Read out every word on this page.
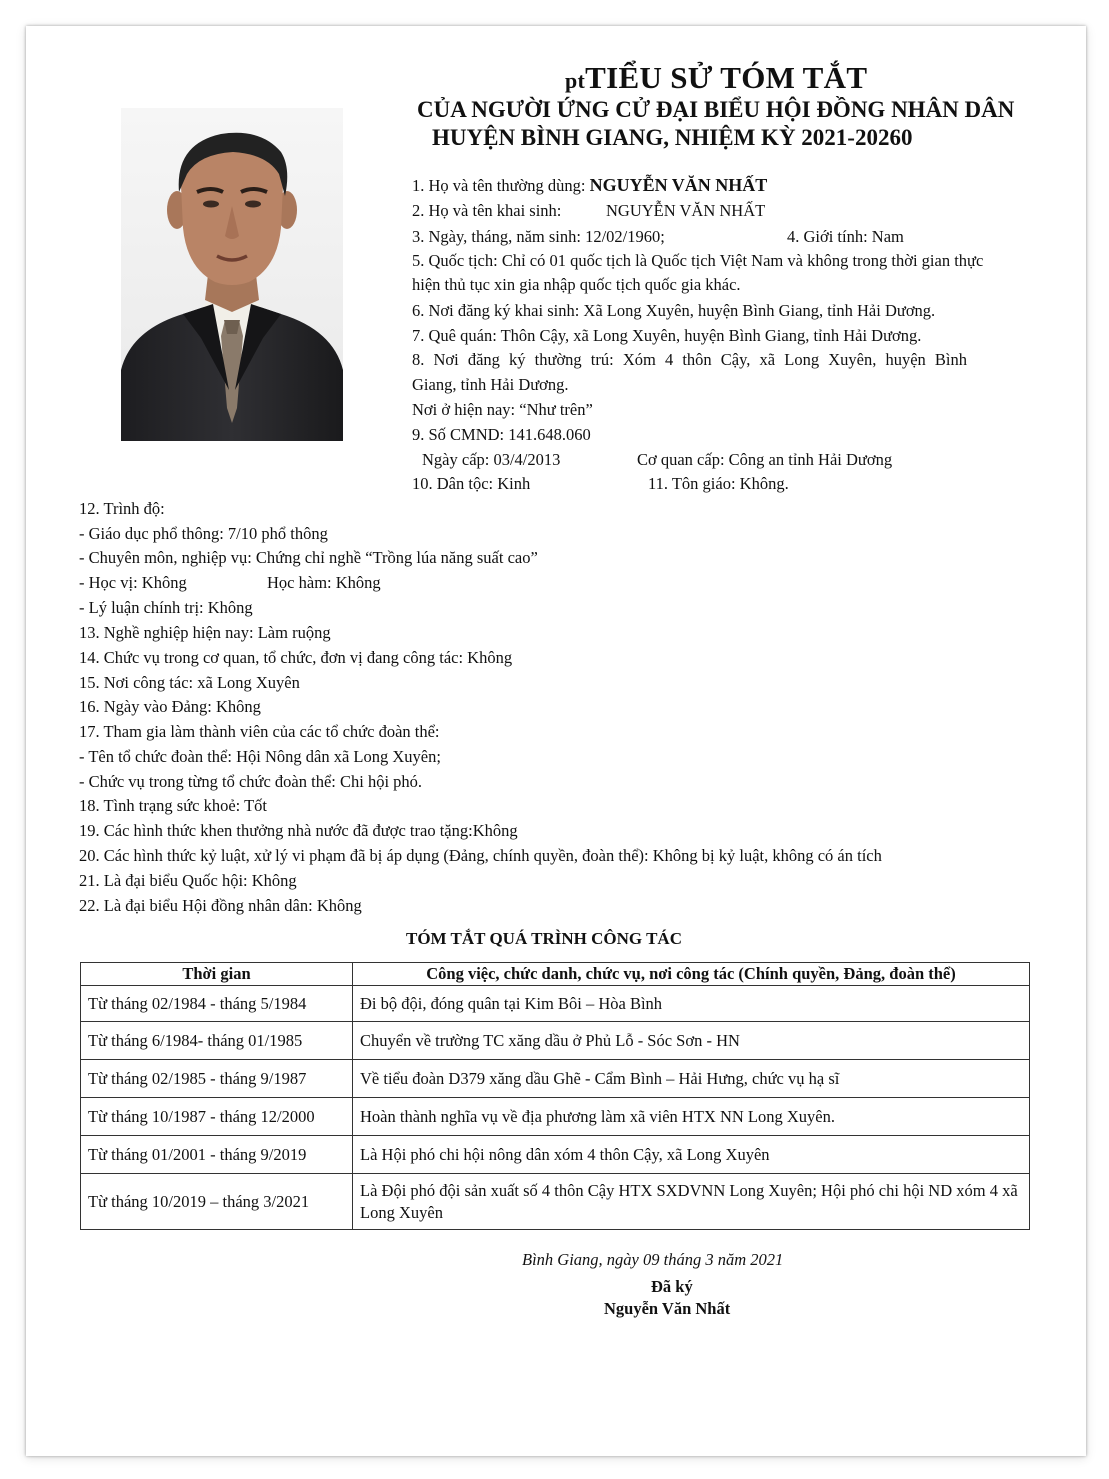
ptTIỂU SỬ TÓM TẮT
CỦA NGƯỜI ỨNG CỬ ĐẠI BIỂU HỘI ĐỒNG NHÂN DÂN
HUYỆN BÌNH GIANG, NHIỆM KỲ 2021-20260
1. Họ và tên thường dùng: NGUYỄN VĂN NHẤT
2. Họ và tên khai sinh:	NGUYỄN VĂN NHẤT
3. Ngày, tháng, năm sinh: 12/02/1960;	4. Giới tính: Nam
5. Quốc tịch: Chỉ có 01 quốc tịch là Quốc tịch Việt Nam và không trong thời gian thực
hiện thủ tục xin gia nhập quốc tịch quốc gia khác.
6. Nơi đăng ký khai sinh: Xã Long Xuyên, huyện Bình Giang, tỉnh Hải Dương.
7. Quê quán: Thôn Cậy, xã Long Xuyên, huyện Bình Giang, tỉnh Hải Dương.
8. Nơi đăng ký thường trú: Xóm 4 thôn Cậy, xã Long Xuyên, huyện Bình
Giang, tỉnh Hải Dương.
Nơi ở hiện nay: “Như trên”
9. Số CMND: 141.648.060
Ngày cấp: 03/4/2013	Cơ quan cấp: Công an tỉnh Hải Dương
10. Dân tộc: Kinh	11. Tôn giáo: Không.
12. Trình độ:
- Giáo dục phổ thông: 7/10 phổ thông
- Chuyên môn, nghiệp vụ: Chứng chỉ nghề “Trồng lúa năng suất cao”
- Học vị: Không	Học hàm: Không
- Lý luận chính trị: Không
13. Nghề nghiệp hiện nay: Làm ruộng
14. Chức vụ trong cơ quan, tổ chức, đơn vị đang công tác: Không
15. Nơi công tác: xã Long Xuyên
16. Ngày vào Đảng: Không
17. Tham gia làm thành viên của các tổ chức đoàn thể:
- Tên tổ chức đoàn thể: Hội Nông dân xã Long Xuyên;
- Chức vụ trong từng tổ chức đoàn thể: Chi hội phó.
18. Tình trạng sức khoẻ: Tốt
19. Các hình thức khen thưởng nhà nước đã được trao tặng:Không
20. Các hình thức kỷ luật, xử lý vi phạm đã bị áp dụng (Đảng, chính quyền, đoàn thể): Không bị kỷ luật, không có án tích
21. Là đại biểu Quốc hội: Không
22. Là đại biểu Hội đồng nhân dân: Không
TÓM TẮT QUÁ TRÌNH CÔNG TÁC
Thời gian	Công việc, chức danh, chức vụ, nơi công tác (Chính quyền, Đảng, đoàn thể)
Từ tháng 02/1984 - tháng 5/1984	Đi bộ đội, đóng quân tại Kim Bôi – Hòa Bình
Từ tháng 6/1984- tháng 01/1985	Chuyển về trường TC xăng dầu ở Phủ Lỗ - Sóc Sơn - HN
Từ tháng 02/1985 - tháng 9/1987	Về tiểu đoàn D379 xăng dầu Ghẽ - Cẩm Bình – Hải Hưng, chức vụ hạ sĩ
Từ tháng 10/1987 - tháng 12/2000	Hoàn thành nghĩa vụ về địa phương làm xã viên HTX NN Long Xuyên.
Từ tháng 01/2001 - tháng 9/2019	Là Hội phó chi hội nông dân xóm 4 thôn Cậy, xã Long Xuyên
Từ tháng 10/2019 – tháng 3/2021	Là Đội phó đội sản xuất số 4 thôn Cậy HTX SXDVNN Long Xuyên; Hội phó chi hội ND xóm 4 xã Long Xuyên
Bình Giang, ngày 09 tháng 3 năm 2021
Đã ký
Nguyễn Văn Nhất
